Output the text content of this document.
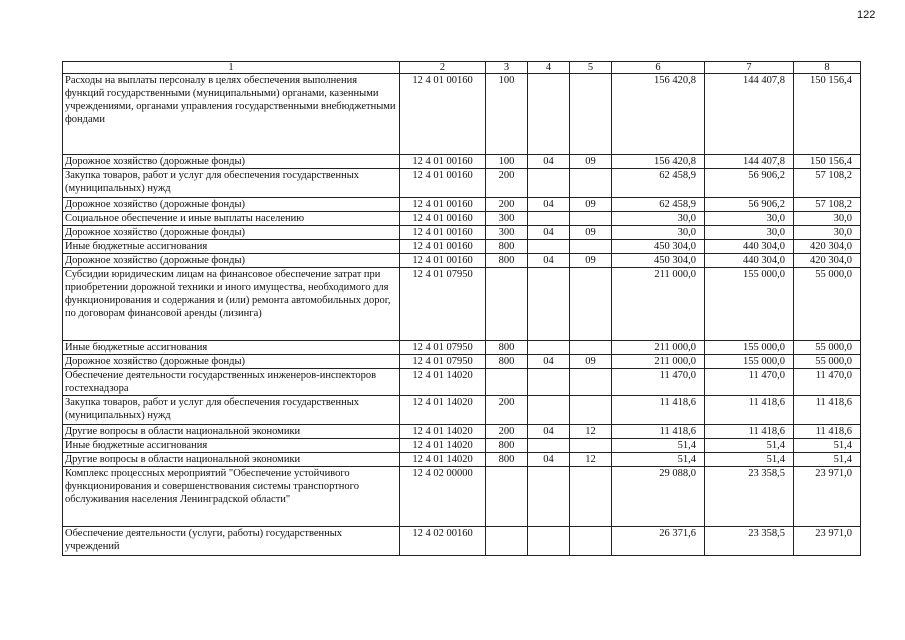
122
1	2	3	4	5	6	7	8
Расходы на выплаты персоналу в целях обеспечения выполнения функций государственными (муниципальными) органами, казенными учреждениями, органами управления государственными внебюджетными фондами	12 4 01 00160	100			156 420,8	144 407,8	150 156,4
Дорожное хозяйство (дорожные фонды)	12 4 01 00160	100	04	09	156 420,8	144 407,8	150 156,4
Закупка товаров, работ и услуг для обеспечения государственных (муниципальных) нужд	12 4 01 00160	200			62 458,9	56 906,2	57 108,2
Дорожное хозяйство (дорожные фонды)	12 4 01 00160	200	04	09	62 458,9	56 906,2	57 108,2
Социальное обеспечение и иные выплаты населению	12 4 01 00160	300			30,0	30,0	30,0
Дорожное хозяйство (дорожные фонды)	12 4 01 00160	300	04	09	30,0	30,0	30,0
Иные бюджетные ассигнования	12 4 01 00160	800			450 304,0	440 304,0	420 304,0
Дорожное хозяйство (дорожные фонды)	12 4 01 00160	800	04	09	450 304,0	440 304,0	420 304,0
Субсидии юридическим лицам на финансовое обеспечение затрат при приобретении дорожной техники и иного имущества, необходимого для функционирования и содержания и (или) ремонта автомобильных дорог, по договорам финансовой аренды (лизинга)	12 4 01 07950				211 000,0	155 000,0	55 000,0
Иные бюджетные ассигнования	12 4 01 07950	800			211 000,0	155 000,0	55 000,0
Дорожное хозяйство (дорожные фонды)	12 4 01 07950	800	04	09	211 000,0	155 000,0	55 000,0
Обеспечение деятельности государственных инженеров-инспекторов гостехнадзора	12 4 01 14020				11 470,0	11 470,0	11 470,0
Закупка товаров, работ и услуг для обеспечения государственных (муниципальных) нужд	12 4 01 14020	200			11 418,6	11 418,6	11 418,6
Другие вопросы в области национальной экономики	12 4 01 14020	200	04	12	11 418,6	11 418,6	11 418,6
Иные бюджетные ассигнования	12 4 01 14020	800			51,4	51,4	51,4
Другие вопросы в области национальной экономики	12 4 01 14020	800	04	12	51,4	51,4	51,4
Комплекс процессных мероприятий "Обеспечение устойчивого функционирования и совершенствования системы транспортного обслуживания населения Ленинградской области"	12 4 02 00000				29 088,0	23 358,5	23 971,0
Обеспечение деятельности (услуги, работы) государственных учреждений	12 4 02 00160				26 371,6	23 358,5	23 971,0
